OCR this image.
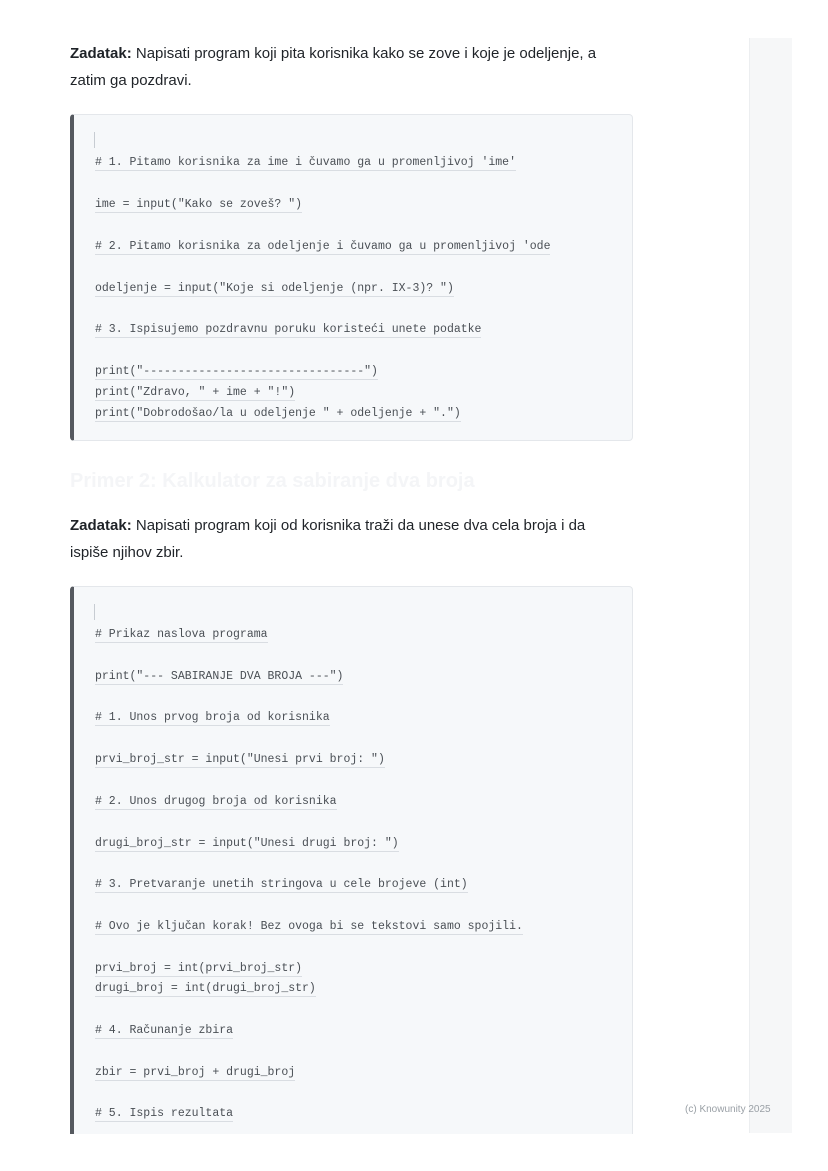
Zadatak: Napisati program koji pita korisnika kako se zove i koje je odeljenje, a
zatim ga pozdravi.
# 1. Pitamo korisnika za ime i čuvamo ga u promenljivoj 'ime'
ime = input("Kako se zoveš? ")
# 2. Pitamo korisnika za odeljenje i čuvamo ga u promenljivoj 'ode
odeljenje = input("Koje si odeljenje (npr. IX-3)? ")
# 3. Ispisujemo pozdravnu poruku koristeći unete podatke
print("--------------------------------")
print("Zdravo, " + ime + "!")
print("Dobrodošao/la u odeljenje " + odeljenje + ".")
Primer 2: Kalkulator za sabiranje dva broja
Zadatak: Napisati program koji od korisnika traži da unese dva cela broja i da
ispiše njihov zbir.
# Prikaz naslova programa
print("--- SABIRANJE DVA BROJA ---")
# 1. Unos prvog broja od korisnika
prvi_broj_str = input("Unesi prvi broj: ")
# 2. Unos drugog broja od korisnika
drugi_broj_str = input("Unesi drugi broj: ")
# 3. Pretvaranje unetih stringova u cele brojeve (int)
# Ovo je ključan korak! Bez ovoga bi se tekstovi samo spojili.
prvi_broj = int(prvi_broj_str)
drugi_broj = int(drugi_broj_str)
# 4. Računanje zbira
zbir = prvi_broj + drugi_broj
# 5. Ispis rezultata	(c) Knowunity 2025
